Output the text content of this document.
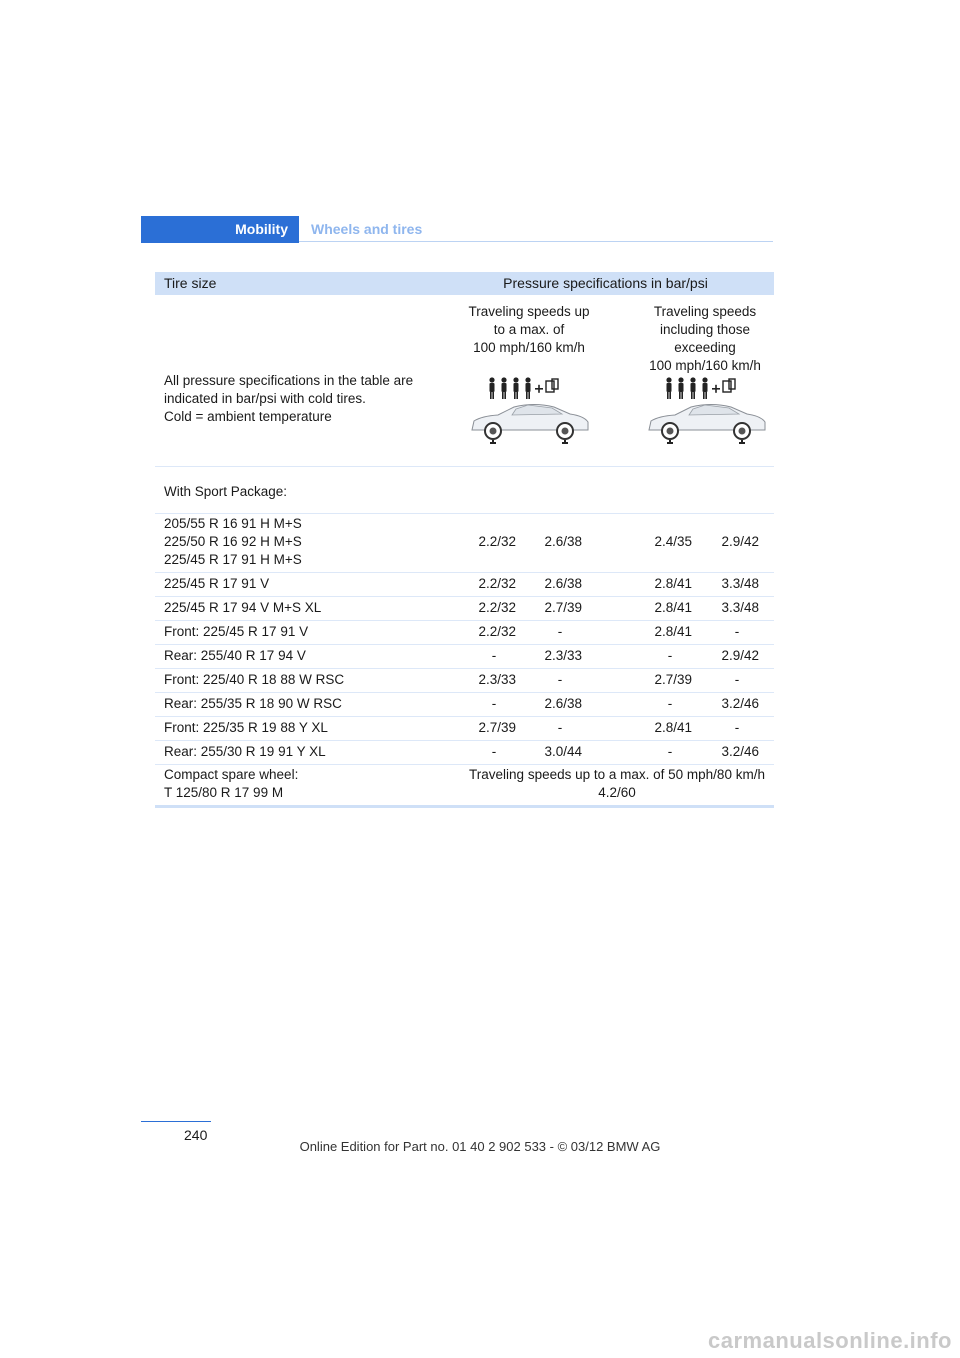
Mobility	Wheels and tires
Tire size	Pressure specifications in bar/psi
Traveling speeds up
to a max. of
100 mph/160 km/h
Traveling speeds
including those
exceeding
100 mph/160 km/h
All pressure specifications in the table are
indicated in bar/psi with cold tires.
Cold = ambient temperature
With Sport Package:
205/55 R 16 91 H M+S
225/50 R 16 92 H M+S
225/45 R 17 91 H M+S
2.2/32	2.6/38	2.4/35	2.9/42
225/45 R 17 91 V	2.2/32	2.6/38	2.8/41	3.3/48
225/45 R 17 94 V M+S XL	2.2/32	2.7/39	2.8/41	3.3/48
Front: 225/45 R 17 91 V	2.2/32	-	2.8/41	-
Rear: 255/40 R 17 94 V	-	2.3/33	-	2.9/42
Front: 225/40 R 18 88 W RSC	2.3/33	-	2.7/39	-
Rear: 255/35 R 18 90 W RSC	-	2.6/38	-	3.2/46
Front: 225/35 R 19 88 Y XL	2.7/39	-	2.8/41	-
Rear: 255/30 R 19 91 Y XL	-	3.0/44	-	3.2/46
Compact spare wheel:
T 125/80 R 17 99 M
Traveling speeds up to a max. of 50 mph/80 km/h
4.2/60
240
Online Edition for Part no. 01 40 2 902 533 - © 03/12 BMW AG
carmanualsonline.info
